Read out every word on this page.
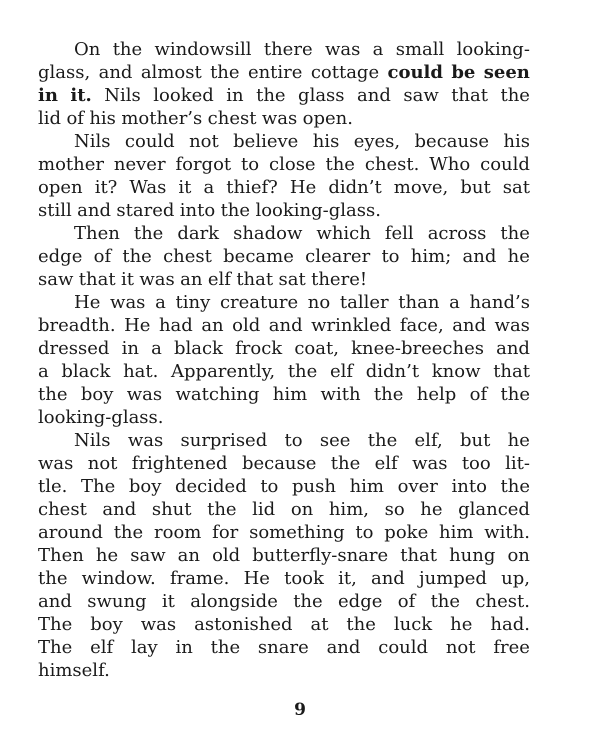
On the windowsill there was a small looking-
glass, and almost the entire cottage could be seen
in it. Nils looked in the glass and saw that the
lid of his mother’s chest was open.
Nils could not believe his eyes, because his
mother never forgot to close the chest. Who could
open it? Was it a thief? He didn’t move, but sat
still and stared into the looking-glass.
Then the dark shadow which fell across the
edge of the chest became clearer to him; and he
saw that it was an elf that sat there!
He was a tiny creature no taller than a hand’s
breadth. He had an old and wrinkled face, and was
dressed in a black frock coat, knee-breeches and
a black hat. Apparently, the elf didn’t know that
the boy was watching him with the help of the
looking-glass.
Nils was surprised to see the elf, but he
was not frightened because the elf was too lit-
tle. The boy decided to push him over into the
chest and shut the lid on him, so he glanced
around the room for something to poke him with.
Then he saw an old butterfly-snare that hung on
the window. frame. He took it, and jumped up,
and swung it alongside the edge of the chest.
The boy was astonished at the luck he had.
The elf lay in the snare and could not free
himself.
9
